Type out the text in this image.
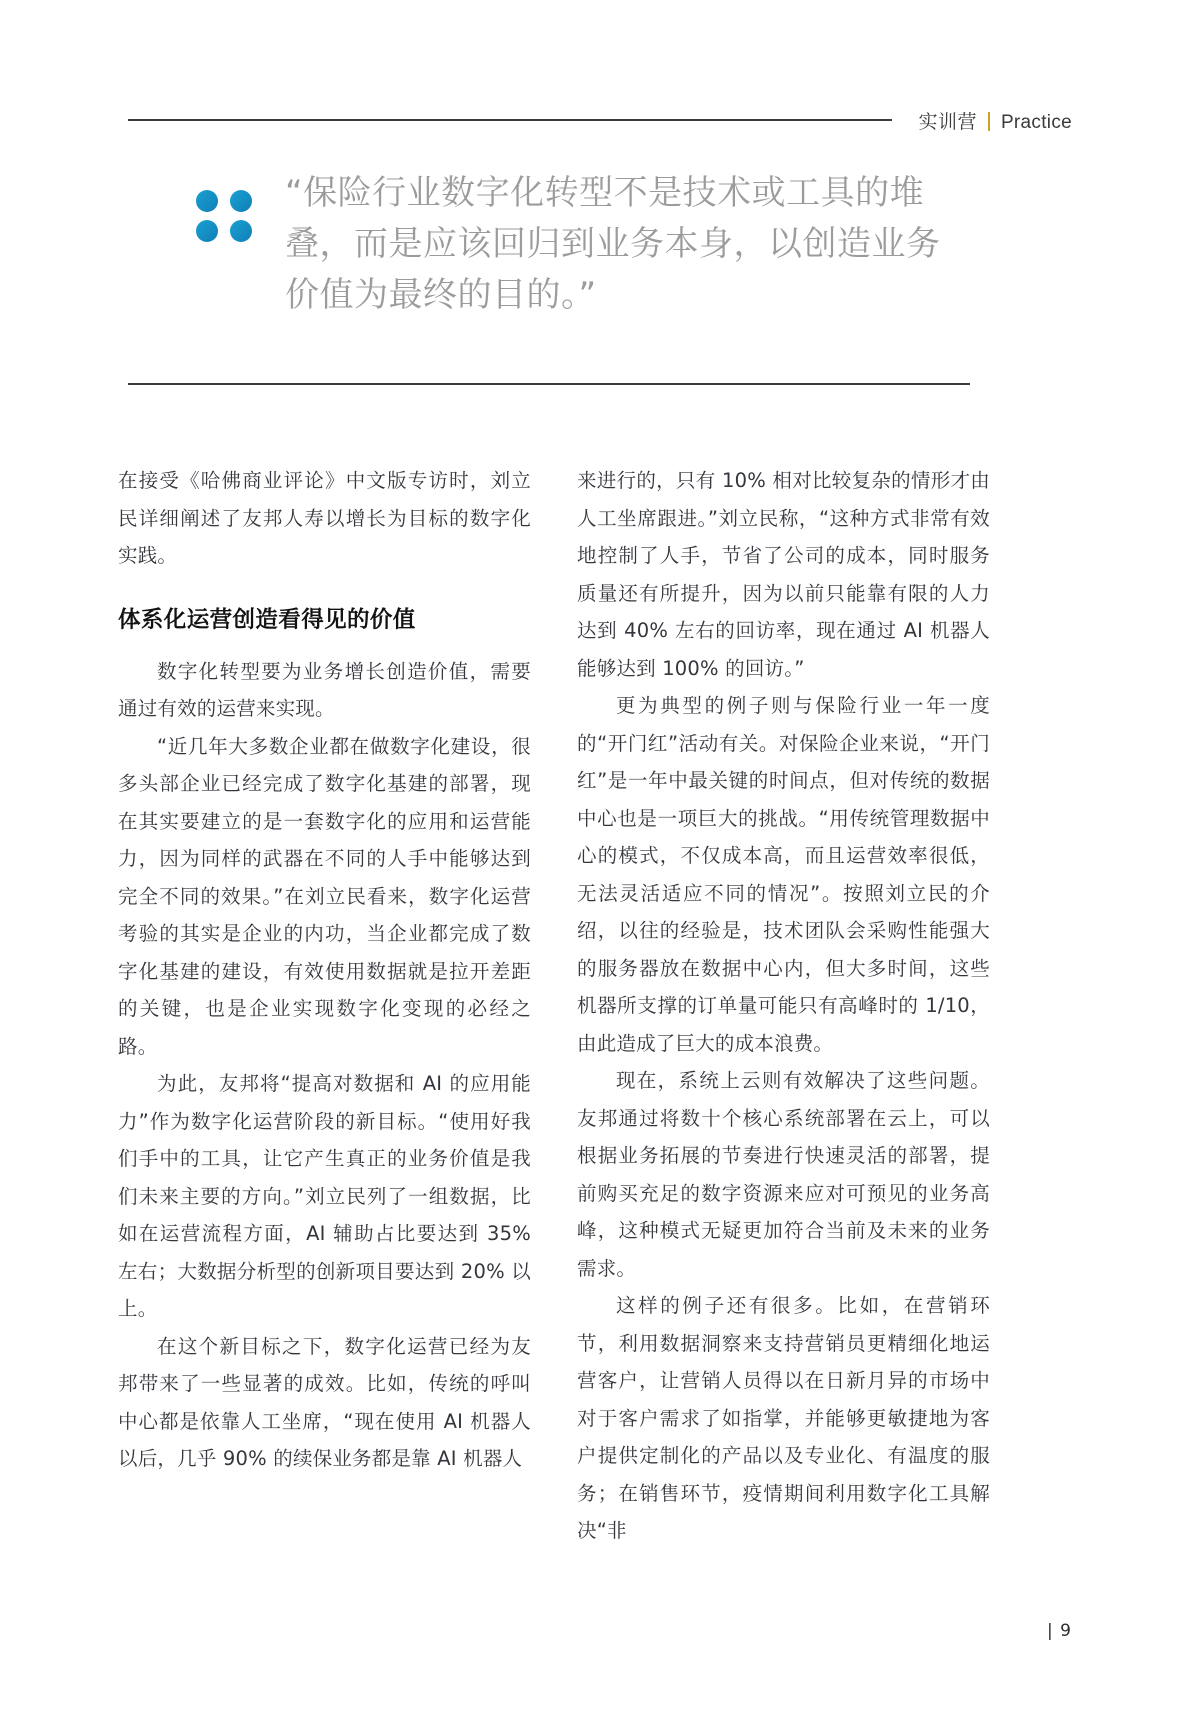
实训营 Practice
“保险行业数字化转型不是技术或工具的堆叠，而是应该回归到业务本身，以创造业务价值为最终的目的。”

在接受《哈佛商业评论》中文版专访时，刘立民详细阐述了友邦人寿以增长为目标的数字化实践。

体系化运营创造看得见的价值

数字化转型要为业务增长创造价值，需要通过有效的运营来实现。

“近几年大多数企业都在做数字化建设，很多头部企业已经完成了数字化基建的部署，现在其实要建立的是一套数字化的应用和运营能力，因为同样的武器在不同的人手中能够达到完全不同的效果。”在刘立民看来，数字化运营考验的其实是企业的内功，当企业都完成了数字化基建的建设，有效使用数据就是拉开差距的关键，也是企业实现数字化变现的必经之路。

为此，友邦将“提高对数据和 AI 的应用能力”作为数字化运营阶段的新目标。“使用好我们手中的工具，让它产生真正的业务价值是我们未来主要的方向。”刘立民列了一组数据，比如在运营流程方面，AI 辅助占比要达到 35% 左右；大数据分析型的创新项目要达到 20% 以上。

在这个新目标之下，数字化运营已经为友邦带来了一些显著的成效。比如，传统的呼叫中心都是依靠人工坐席，“现在使用 AI 机器人以后，几乎 90% 的续保业务都是靠 AI 机器人

来进行的，只有 10% 相对比较复杂的情形才由人工坐席跟进。”刘立民称，“这种方式非常有效地控制了人手，节省了公司的成本，同时服务质量还有所提升，因为以前只能靠有限的人力达到 40% 左右的回访率，现在通过 AI 机器人能够达到 100% 的回访。”

更为典型的例子则与保险行业一年一度的“开门红”活动有关。对保险企业来说，“开门红”是一年中最关键的时间点，但对传统的数据中心也是一项巨大的挑战。“用传统管理数据中心的模式，不仅成本高，而且运营效率很低，无法灵活适应不同的情况”。按照刘立民的介绍，以往的经验是，技术团队会采购性能强大的服务器放在数据中心内，但大多时间，这些机器所支撑的订单量可能只有高峰时的 1/10，由此造成了巨大的成本浪费。

现在，系统上云则有效解决了这些问题。友邦通过将数十个核心系统部署在云上，可以根据业务拓展的节奏进行快速灵活的部署，提前购买充足的数字资源来应对可预见的业务高峰，这种模式无疑更加符合当前及未来的业务需求。

这样的例子还有很多。比如，在营销环节，利用数据洞察来支持营销员更精细化地运营客户，让营销人员得以在日新月异的市场中对于客户需求了如指掌，并能够更敏捷地为客户提供定制化的产品以及专业化、有温度的服务；在销售环节，疫情期间利用数字化工具解决“非

| 9
